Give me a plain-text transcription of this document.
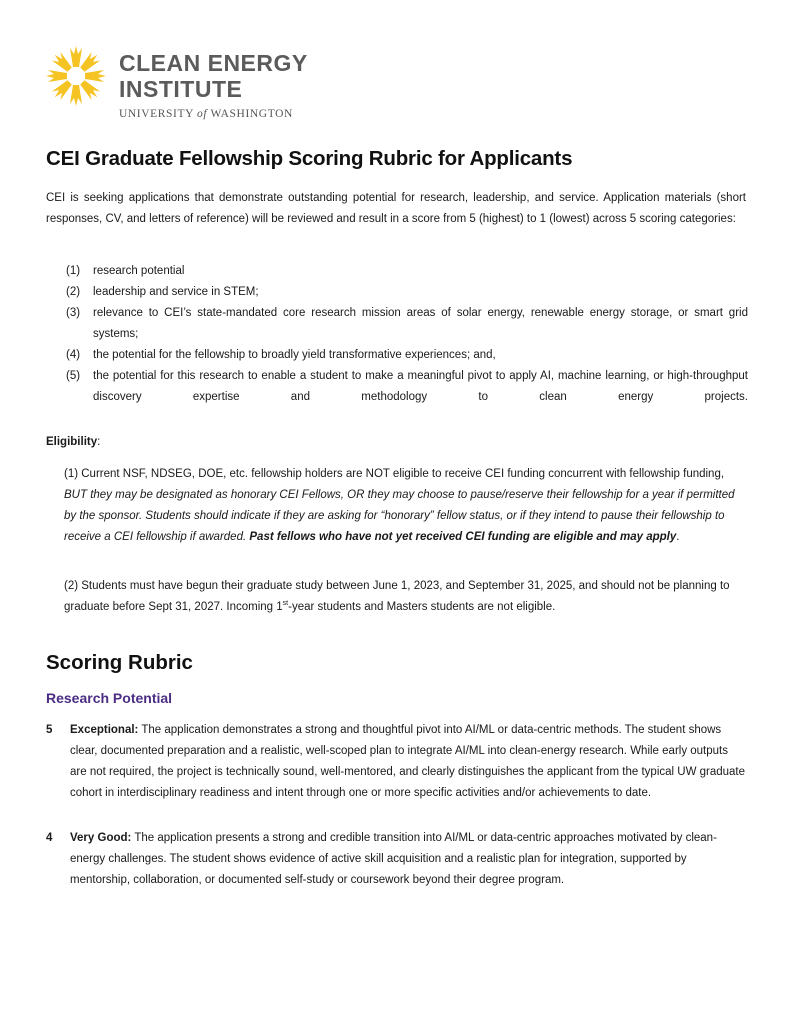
CLEAN ENERGY
INSTITUTE
UNIVERSITY of WASHINGTON
CEI Graduate Fellowship Scoring Rubric for Applicants

CEI is seeking applications that demonstrate outstanding potential for research, leadership, and service. Application materials (short responses, CV, and letters of reference) will be reviewed and result in a score from 5 (highest) to 1 (lowest) across 5 scoring categories:

(1) research potential
(2) leadership and service in STEM;
(3) relevance to CEI’s state-mandated core research mission areas of solar energy, renewable energy storage, or smart grid systems;
(4) the potential for the fellowship to broadly yield transformative experiences; and,
(5) the potential for this research to enable a student to make a meaningful pivot to apply AI, machine learning, or high-throughput discovery expertise and methodology to clean energy projects.
Eligibility:

(1) Current NSF, NDSEG, DOE, etc. fellowship holders are NOT eligible to receive CEI funding concurrent with fellowship funding, BUT they may be designated as honorary CEI Fellows, OR they may choose to pause/reserve their fellowship for a year if permitted by the sponsor. Students should indicate if they are asking for “honorary” fellow status, or if they intend to pause their fellowship to receive a CEI fellowship if awarded. Past fellows who have not yet received CEI funding are eligible and may apply.

(2) Students must have begun their graduate study between June 1, 2023, and September 31, 2025, and should not be planning to graduate before Sept 31, 2027. Incoming 1st-year students and Masters students are not eligible.

Scoring Rubric
Research Potential
5 Exceptional: The application demonstrates a strong and thoughtful pivot into AI/ML or data-centric methods. The student shows clear, documented preparation and a realistic, well-scoped plan to integrate AI/ML into clean-energy research. While early outputs are not required, the project is technically sound, well-mentored, and clearly distinguishes the applicant from the typical UW graduate cohort in interdisciplinary readiness and intent through one or more specific activities and/or achievements to date.
4 Very Good: The application presents a strong and credible transition into AI/ML or data-centric approaches motivated by clean-energy challenges. The student shows evidence of active skill acquisition and a realistic plan for integration, supported by mentorship, collaboration, or documented self-study or coursework beyond their degree program.
